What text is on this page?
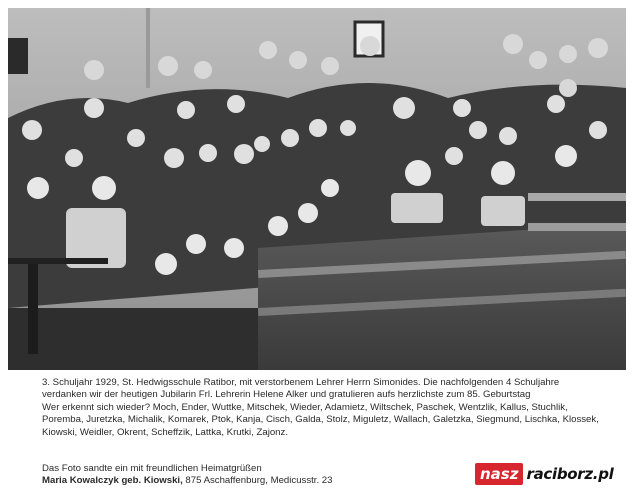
3. Schuljahr 1929, St. Hedwigsschule Ratibor, mit verstorbenem Lehrer Herrn Simonides. Die nachfolgenden 4 Schuljahre verdanken wir der heutigen Jubilarin Frl. Lehrerin Helene Alker und gratulieren aufs herzlichste zum 85. Geburtstag

Wer erkennt sich wieder? Moch, Ender, Wuttke, Mitschek, Wieder, Adamietz, Wiltschek, Paschek, Wentzlik, Kallus, Stuchlik, Poremba, Juretzka, Michalik, Komarek, Ptok, Kanja, Cisch, Galda, Stolz, Miguletz, Wallach, Galetzka, Siegmund, Lischka, Klossek, Kiowski, Weidler, Okrent, Scheffzik, Lattka, Krutki, Zajonz.

Das Foto sandte ein mit freundlichen Heimatgrüßen

Maria Kowalczyk geb. Kiowski, 875 Aschaffenburg, Medicusstr. 23	nasz raciborz.pl
